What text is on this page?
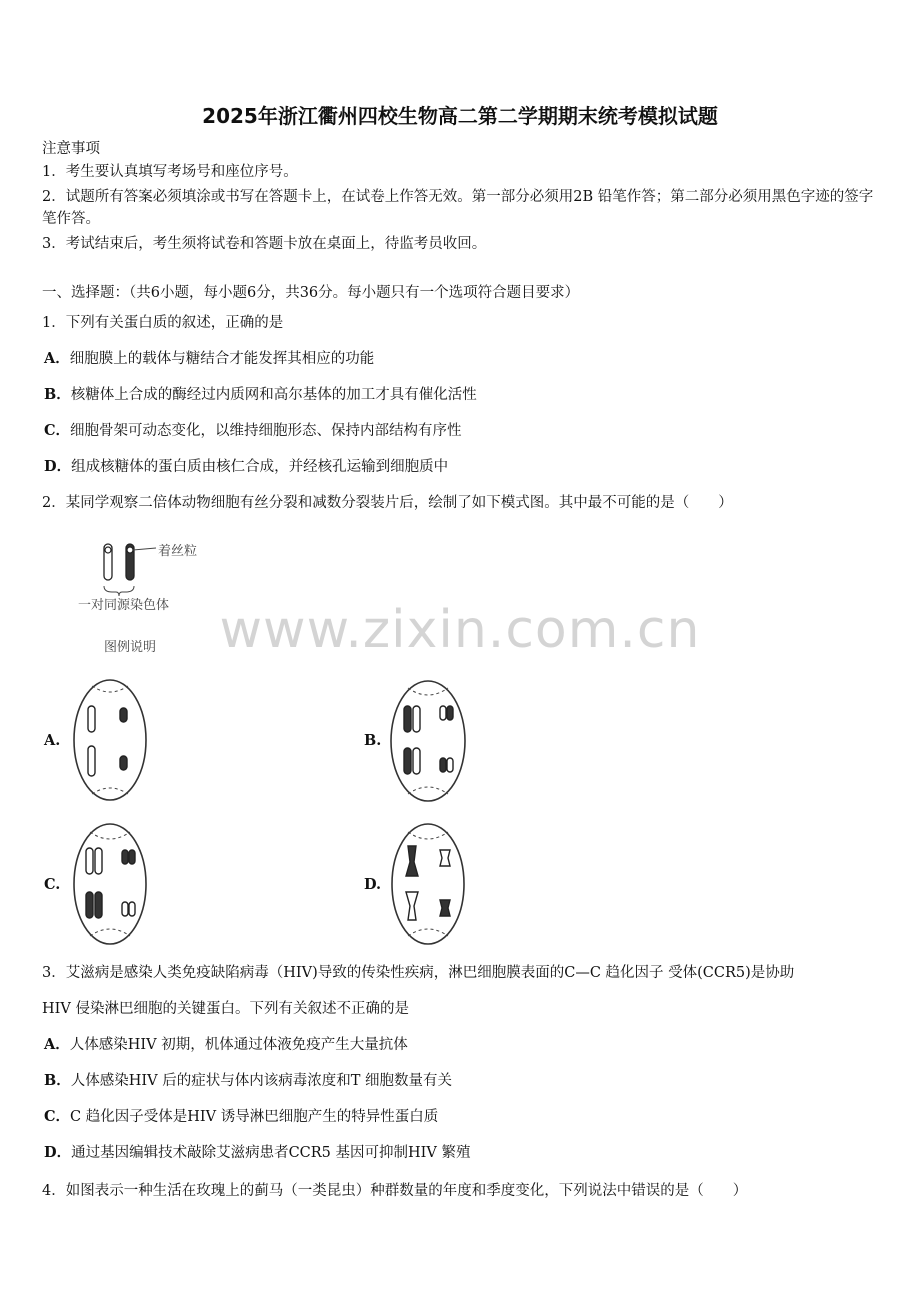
2025年浙江衢州四校生物高二第二学期期末统考模拟试题
注意事项
1．考生要认真填写考场号和座位序号。
2．试题所有答案必须填涂或书写在答题卡上，在试卷上作答无效。第一部分必须用2B 铅笔作答；第二部分必须用黑色字迹的签字笔作答。
3．考试结束后，考生须将试卷和答题卡放在桌面上，待监考员收回。
一、选择题：（共6小题，每小题6分，共36分。每小题只有一个选项符合题目要求）
1．下列有关蛋白质的叙述，正确的是
A．细胞膜上的载体与糖结合才能发挥其相应的功能
B．核糖体上合成的酶经过内质网和高尔基体的加工才具有催化活性
C．细胞骨架可动态变化，以维持细胞形态、保持内部结构有序性
D．组成核糖体的蛋白质由核仁合成，并经核孔运输到细胞质中
2．某同学观察二倍体动物细胞有丝分裂和减数分裂装片后，绘制了如下模式图。其中最不可能的是（　　）
着丝粒
一对同源染色体
图例说明	www.zixin.com.cn
A.	B.
C.	D.
3．艾滋病是感染人类免疫缺陷病毒（HIV)导致的传染性疾病，淋巴细胞膜表面的C—C 趋化因子 受体(CCR5)是协助
HIV 侵染淋巴细胞的关键蛋白。下列有关叙述不正确的是
A．人体感染HIV 初期，机体通过体液免疫产生大量抗体
B．人体感染HIV 后的症状与体内该病毒浓度和T 细胞数量有关
C．C 趋化因子受体是HIV 诱导淋巴细胞产生的特异性蛋白质
D．通过基因编辑技术敲除艾滋病患者CCR5 基因可抑制HIV 繁殖
4．如图表示一种生活在玫瑰上的蓟马（一类昆虫）种群数量的年度和季度变化，下列说法中错误的是（　　）
